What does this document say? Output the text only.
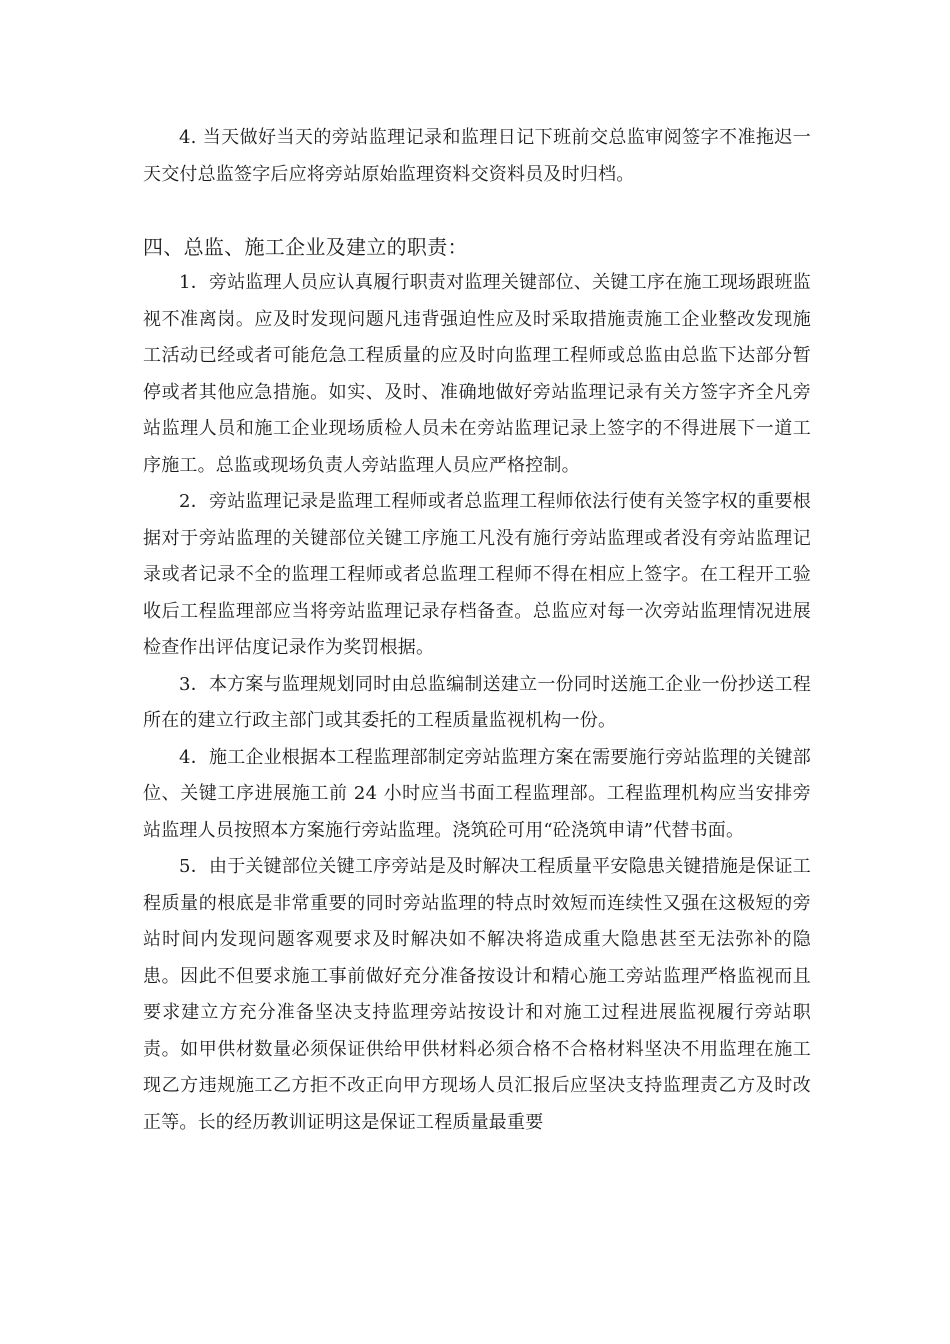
4. 当天做好当天的旁站监理记录和监理日记下班前交总监审阅签字不准拖迟一天交付总监签字后应将旁站原始监理资料交资料员及时归档。

四、总监、施工企业及建立的职责：

1．旁站监理人员应认真履行职责对监理关键部位、关键工序在施工现场跟班监视不准离岗。应及时发现问题凡违背强迫性应及时采取措施责施工企业整改发现施工活动已经或者可能危急工程质量的应及时向监理工程师或总监由总监下达部分暂停或者其他应急措施。如实、及时、准确地做好旁站监理记录有关方签字齐全凡旁站监理人员和施工企业现场质检人员未在旁站监理记录上签字的不得进展下一道工序施工。总监或现场负责人旁站监理人员应严格控制。

2．旁站监理记录是监理工程师或者总监理工程师依法行使有关签字权的重要根据对于旁站监理的关键部位关键工序施工凡没有施行旁站监理或者没有旁站监理记录或者记录不全的监理工程师或者总监理工程师不得在相应上签字。在工程开工验收后工程监理部应当将旁站监理记录存档备查。总监应对每一次旁站监理情况进展检查作出评估度记录作为奖罚根据。

3．本方案与监理规划同时由总监编制送建立一份同时送施工企业一份抄送工程所在的建立行政主部门或其委托的工程质量监视机构一份。

4．施工企业根据本工程监理部制定旁站监理方案在需要施行旁站监理的关键部位、关键工序进展施工前 24 小时应当书面工程监理部。工程监理机构应当安排旁站监理人员按照本方案施行旁站监理。浇筑砼可用“砼浇筑申请”代替书面。

5．由于关键部位关键工序旁站是及时解决工程质量平安隐患关键措施是保证工程质量的根底是非常重要的同时旁站监理的特点时效短而连续性又强在这极短的旁站时间内发现问题客观要求及时解决如不解决将造成重大隐患甚至无法弥补的隐患。因此不但要求施工事前做好充分准备按设计和精心施工旁站监理严格监视而且要求建立方充分准备坚决支持监理旁站按设计和对施工过程进展监视履行旁站职责。如甲供材数量必须保证供给甲供材料必须合格不合格材料坚决不用监理在施工现乙方违规施工乙方拒不改正向甲方现场人员汇报后应坚决支持监理责乙方及时改正等。长的经历教训证明这是保证工程质量最重要
